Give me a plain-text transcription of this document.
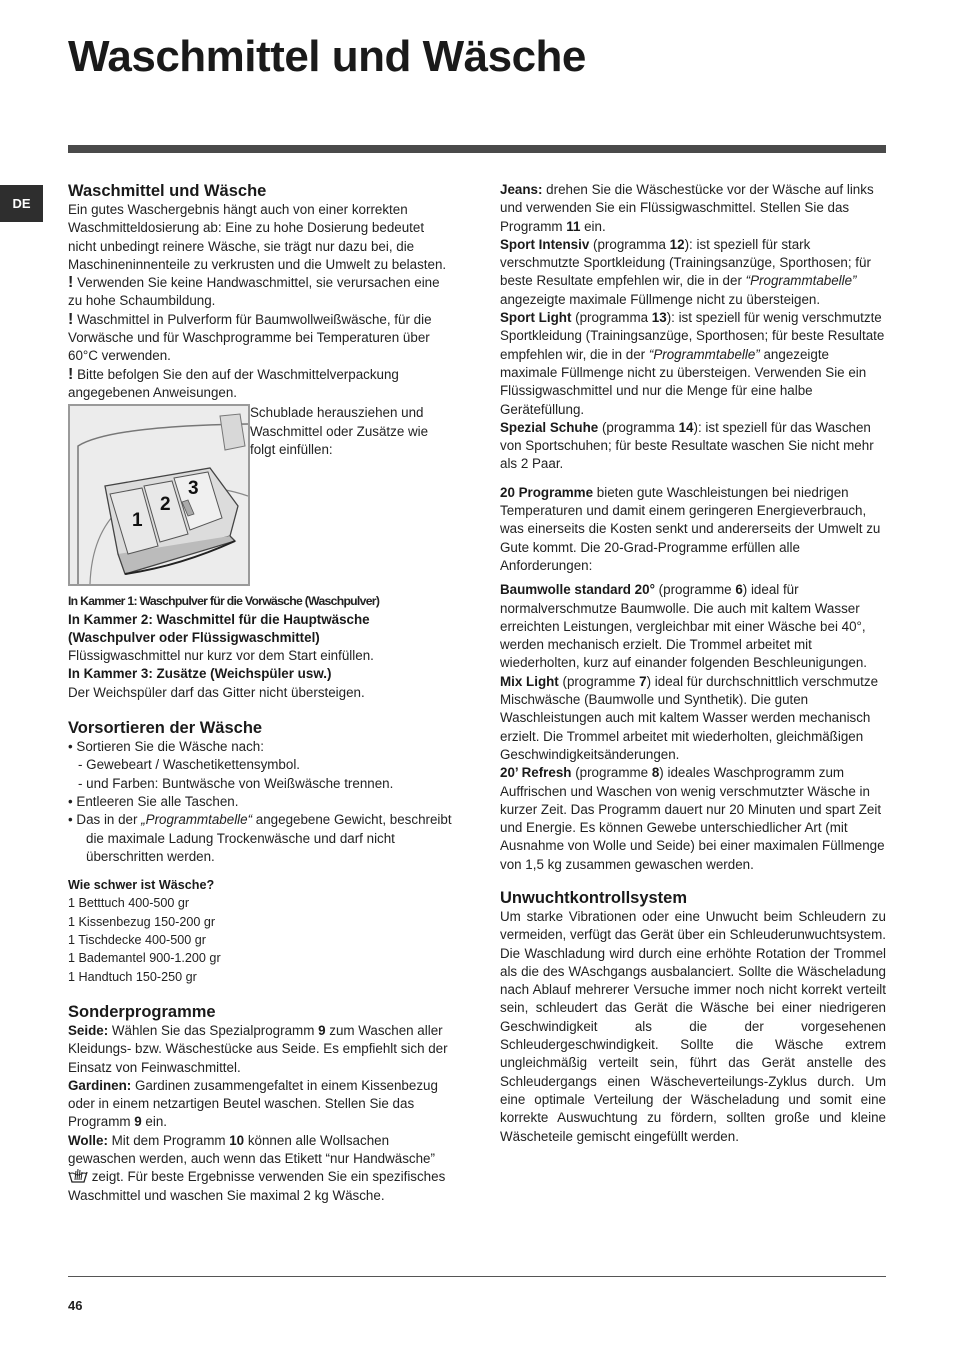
Waschmittel und Wäsche
DE
Waschmittel und Wäsche

Ein gutes Waschergebnis hängt auch von einer korrekten Waschmitteldosierung ab: Eine zu hohe Dosierung bedeutet nicht unbedingt reinere Wäsche, sie trägt nur dazu bei, die Maschineninnenteile zu verkrusten und die Umwelt zu belasten.

! Verwenden Sie keine Handwaschmittel, sie verursachen eine zu hohe Schaumbildung.

! Waschmittel in Pulverform für Baumwollweißwäsche, für die Vorwäsche und für Waschprogramme bei Temperaturen über 60°C verwenden.

! Bitte befolgen Sie den auf der Waschmittelverpackung angegebenen Anweisungen.

1
2
3

Schublade herausziehen und Waschmittel oder Zusätze wie folgt einfüllen:

In Kammer 1: Waschpulver für die Vorwäsche (Waschpulver)

In Kammer 2: Waschmittel für die Hauptwäsche (Waschpulver oder Flüssigwaschmittel)

Flüssigwaschmittel nur kurz vor dem Start einfüllen.

In Kammer 3: Zusätze (Weichspüler usw.)

Der Weichspüler darf das Gitter nicht übersteigen.

Vorsortieren der Wäsche

• Sortieren Sie die Wäsche nach:

- Gewebeart / Waschetikettensymbol.

- und Farben: Buntwäsche von Weißwäsche trennen.

• Entleeren Sie alle Taschen.

• Das in der „Programmtabelle“ angegebene Gewicht, beschreibt die maximale Ladung Trockenwäsche und darf nicht überschritten werden.

Wie schwer ist Wäsche?

1 Betttuch 400-500 gr

1 Kissenbezug 150-200 gr

1 Tischdecke 400-500 gr

1 Bademantel 900-1.200 gr

1 Handtuch 150-250 gr

Sonderprogramme

Seide: Wählen Sie das Spezialprogramm 9 zum Waschen aller Kleidungs- bzw. Wäschestücke aus Seide. Es empfiehlt sich der Einsatz von Feinwaschmittel.

Gardinen: Gardinen zusammengefaltet in einem Kissenbezug oder in einem netzartigen Beutel waschen. Stellen Sie das Programm 9 ein.

Wolle: Mit dem Programm 10 können alle Wollsachen gewaschen werden, auch wenn das Etikett “nur Handwäsche”  zeigt. Für beste Ergebnisse verwenden Sie ein spezifisches Waschmittel und waschen Sie maximal 2 kg Wäsche.

Jeans: drehen Sie die Wäschestücke vor der Wäsche auf links und verwenden Sie ein Flüssigwaschmittel. Stellen Sie das Programm 11 ein.

Sport Intensiv (programma 12): ist speziell für stark verschmutzte Sportkleidung (Trainingsanzüge, Sporthosen; für beste Resultate empfehlen wir, die in der “Programmtabelle” angezeigte maximale Füllmenge nicht zu übersteigen.

Sport Light (programma 13): ist speziell für wenig verschmutzte Sportkleidung (Trainingsanzüge, Sporthosen; für beste Resultate empfehlen wir, die in der “Programmtabelle” angezeigte maximale Füllmenge nicht zu übersteigen. Verwenden Sie ein Flüssigwaschmittel und nur die Menge für eine halbe Gerätefüllung.

Spezial Schuhe (programma 14): ist speziell für das Waschen von Sportschuhen; für beste Resultate waschen Sie nicht mehr als 2 Paar.

20 Programme bieten gute Waschleistungen bei niedrigen Temperaturen und damit einem geringeren Energieverbrauch, was einerseits die Kosten senkt und andererseits der Umwelt zu Gute kommt. Die 20-Grad-Programme erfüllen alle Anforderungen:

Baumwolle standard 20° (programme 6) ideal für normalverschmutze Baumwolle. Die auch mit kaltem Wasser erreichten Leistungen, vergleichbar mit einer Wäsche bei 40°, werden mechanisch erzielt. Die Trommel arbeitet mit wiederholten, kurz auf einander folgenden Beschleunigungen.

Mix Light (programme 7) ideal für durchschnittlich verschmutze Mischwäsche (Baumwolle und Synthetik). Die guten Waschleistungen auch mit kaltem Wasser werden mechanisch erzielt. Die Trommel arbeitet mit wiederholten, gleichmäßigen Geschwindigkeitsänderungen.

20’ Refresh (programme 8) ideales Waschprogramm zum Auffrischen und Waschen von wenig verschmutzter Wäsche in kurzer Zeit. Das Programm dauert nur 20 Minuten und spart Zeit und Energie. Es können Gewebe unterschiedlicher Art (mit Ausnahme von Wolle und Seide) bei einer maximalen Füllmenge von 1,5 kg zusammen gewaschen werden.

Unwuchtkontrollsystem

Um starke Vibrationen oder eine Unwucht beim Schleudern zu vermeiden, verfügt das Gerät über ein Schleuderunwuchtsystem. Die Waschladung wird durch eine erhöhte Rotation der Trommel als die des WAschgangs ausbalanciert. Sollte die Wäscheladung nach Ablauf mehrerer Versuche immer noch nicht korrekt verteilt sein, schleudert das Gerät die Wäsche bei einer niedrigeren Geschwindigkeit als die der vorgesehenen Schleudergeschwindigkeit. Sollte die Wäsche extrem ungleichmäßig verteilt sein, führt das Gerät anstelle des Schleudergangs einen Wäscheverteilungs-Zyklus durch. Um eine optimale Verteilung der Wäscheladung und somit eine korrekte Auswuchtung zu fördern, sollten große und kleine Wäscheteile gemischt eingefüllt werden.

46
